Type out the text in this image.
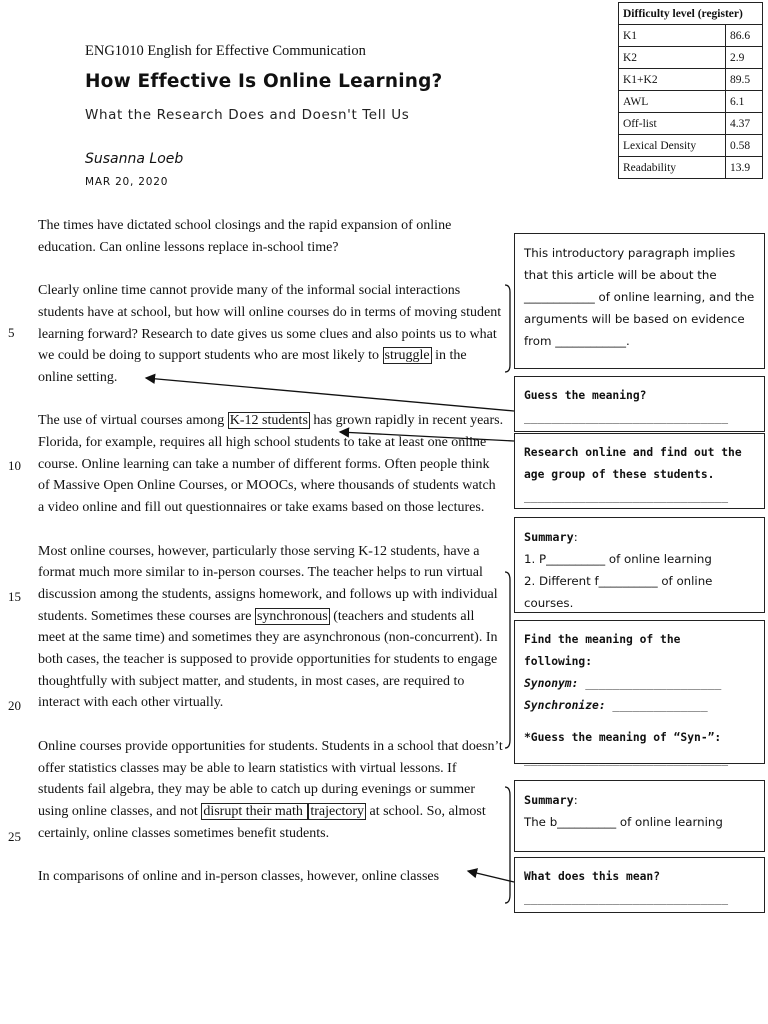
ENG1010 English for Effective Communication
How Effective Is Online Learning?
What the Research Does and Doesn't Tell Us
Susanna Loeb
MAR 20, 2020
Difficulty level (register)	
K1	86.6
K2	2.9
K1+K2	89.5
AWL	6.1
Off-list	4.37
Lexical Density	0.58
Readability	13.9
5
10
15
20
25

The times have dictated school closings and the rapid expansion of online education. Can online lessons replace in-school time?

Clearly online time cannot provide many of the informal social interactions students have at school, but how will online courses do in terms of moving student learning forward? Research to date gives us some clues and also points us to what we could be doing to support students who are most likely to struggle in the online setting.

The use of virtual courses among K-12 students has grown rapidly in recent years. Florida, for example, requires all high school students to take at least one online course. Online learning can take a number of different forms. Often people think of Massive Open Online Courses, or MOOCs, where thousands of students watch a video online and fill out questionnaires or take exams based on those lectures.

Most online courses, however, particularly those serving K-12 students, have a format much more similar to in-person courses. The teacher helps to run virtual discussion among the students, assigns homework, and follows up with individual students. Sometimes these courses are synchronous (teachers and students all meet at the same time) and sometimes they are asynchronous (non-concurrent). In both cases, the teacher is supposed to provide opportunities for students to engage thoughtfully with subject matter, and students, in most cases, are required to interact with each other virtually.

Online courses provide opportunities for students. Students in a school that doesn’t offer statistics classes may be able to learn statistics with virtual lessons. If students fail algebra, they may be able to catch up during evenings or summer using online classes, and not disrupt their math trajectory at school. So, almost certainly, online classes sometimes benefit students.

In comparisons of online and in-person classes, however, online classes

This introductory paragraph implies that this article will be about the ____________ of online learning, and the arguments will be based on evidence from ____________.
Guess the meaning?
______________________________
Research online and find out the age group of these students.
______________________________
Summary:
1. P__________ of online learning
2. Different f__________ of online courses.
Find the meaning of the following:
Synonym: ____________________
Synchronize: ______________
*Guess the meaning of “Syn-”:
______________________________
Summary:
The b__________ of online learning
What does this mean?
______________________________
